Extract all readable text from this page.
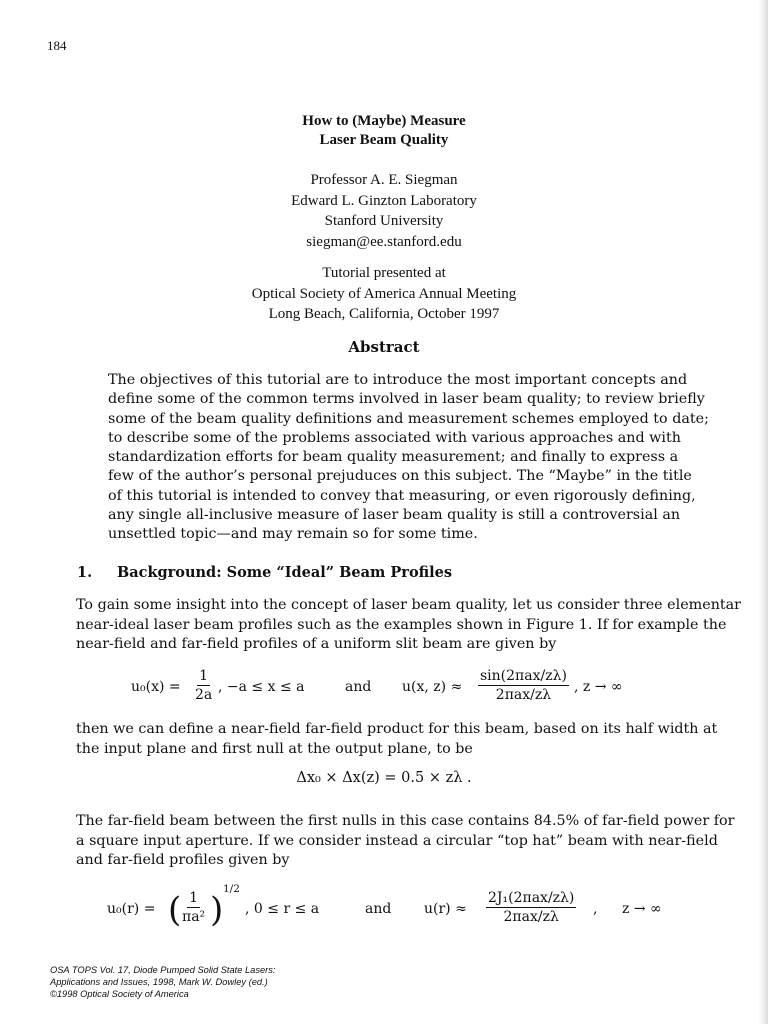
184
How to (Maybe) Measure
Laser Beam Quality
Professor A. E. Siegman
Edward L. Ginzton Laboratory
Stanford University
siegman@ee.stanford.edu
Tutorial presented at
Optical Society of America Annual Meeting
Long Beach, California, October 1997
Abstract
The objectives of this tutorial are to introduce the most important concepts and
define some of the common terms involved in laser beam quality; to review briefly
some of the beam quality definitions and measurement schemes employed to date;
to describe some of the problems associated with various approaches and with
standardization efforts for beam quality measurement; and finally to express a
few of the author’s personal prejuduces on this subject. The “Maybe” in the title
of this tutorial is intended to convey that measuring, or even rigorously defining,
any single all-inclusive measure of laser beam quality is still a controversial an
unsettled topic—and may remain so for some time.
1. Background: Some “Ideal” Beam Profiles
To gain some insight into the concept of laser beam quality, let us consider three elementar
near-ideal laser beam profiles such as the examples shown in Figure 1. If for example the
near-field and far-field profiles of a uniform slit beam are given by
$u_0(x) = \frac{1}{2a}$ , −a ≤ x ≤ a	and u(x, z) ≈
sin(2πax/zλ)
2πax/zλ , z → ∞
then we can define a near-field far-field product for this beam, based on its half width at
the input plane and first null at the output plane, to be
Δx₀ × Δx(z) = 0.5 × zλ .
The far-field beam between the first nulls in this case contains 84.5% of far-field power for
a square input aperture. If we consider instead a circular “top hat” beam with near-field
and far-field profiles given by
u₀(r) = (
$\frac{1}{\text{πa²}}$ )
1/2
, 0 ≤ r ≤ a	and u(r) ≈
2J₁(2πax/zλ)
2πax/zλ , z → ∞
OSA TOPS Vol. 17, Diode Pumped Solid State Lasers:
Applications and Issues, 1998, Mark W. Dowley (ed.)
©1998 Optical Society of America
